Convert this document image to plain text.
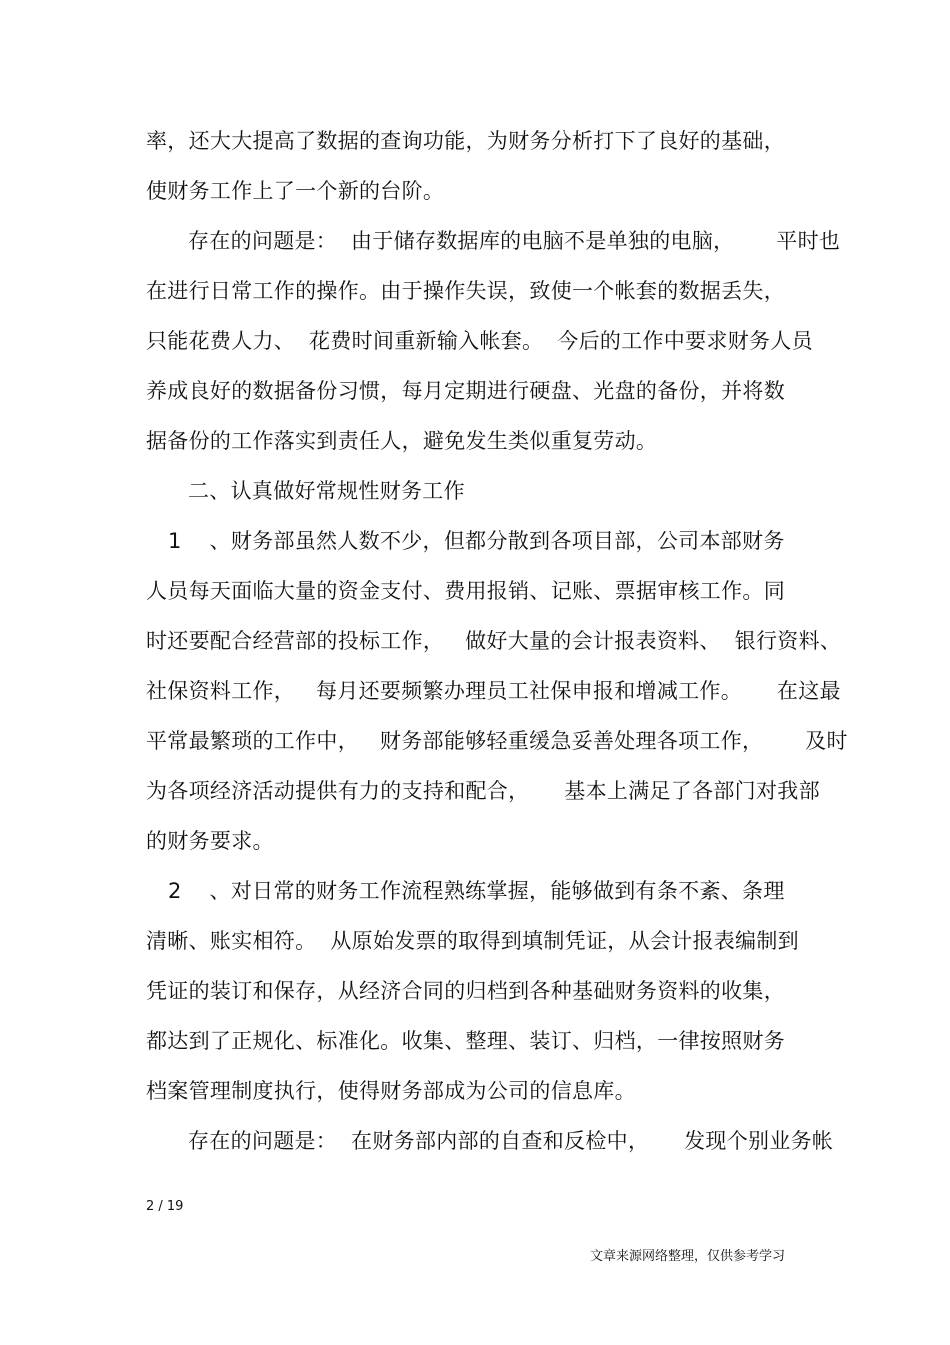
率，还大大提高了数据的查询功能，为财务分析打下了良好的基础，
使财务工作上了一个新的台阶。
存在的问题是：  由于储存数据库的电脑不是单独的电脑，      平时也
在进行日常工作的操作。由于操作失误，致使一个帐套的数据丢失，
只能花费人力、  花费时间重新输入帐套。  今后的工作中要求财务人员
养成良好的数据备份习惯，每月定期进行硬盘、光盘的备份，并将数
据备份的工作落实到责任人，避免发生类似重复劳动。
二、认真做好常规性财务工作
1    、财务部虽然人数不少，但都分散到各项目部，公司本部财务
人员每天面临大量的资金支付、费用报销、记账、票据审核工作。同
时还要配合经营部的投标工作，   做好大量的会计报表资料、  银行资料、
社保资料工作，   每月还要频繁办理员工社保申报和增减工作。     在这最
平常最繁琐的工作中，   财务部能够轻重缓急妥善处理各项工作，      及时
为各项经济活动提供有力的支持和配合，     基本上满足了各部门对我部
的财务要求。
2    、对日常的财务工作流程熟练掌握，能够做到有条不紊、条理
清晰、账实相符。  从原始发票的取得到填制凭证，从会计报表编制到
凭证的装订和保存，从经济合同的归档到各种基础财务资料的收集，
都达到了正规化、标准化。收集、整理、装订、归档，一律按照财务
档案管理制度执行，使得财务部成为公司的信息库。
存在的问题是：  在财务部内部的自查和反检中，     发现个别业务帐
2 / 19
文章来源网络整理，仅供参考学习
